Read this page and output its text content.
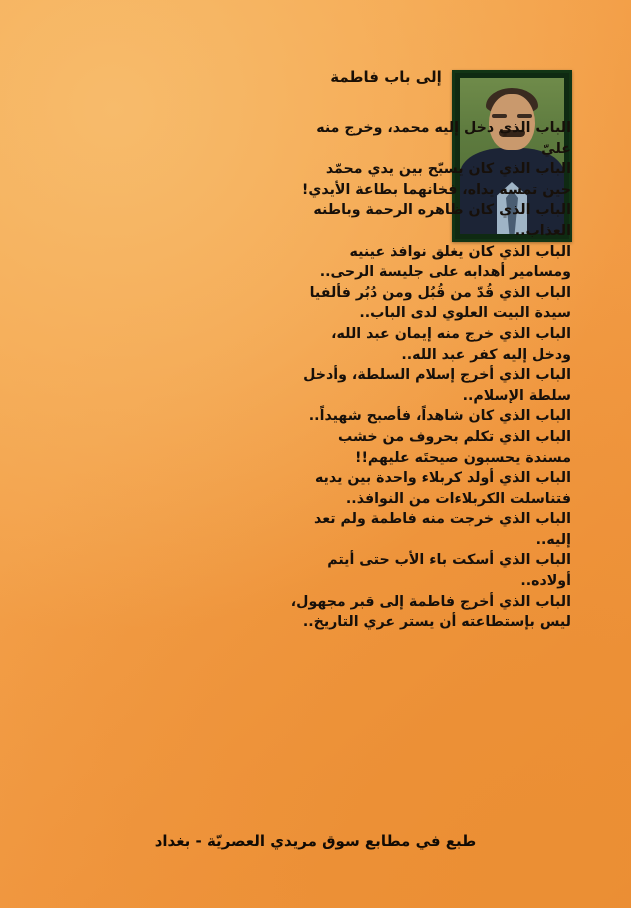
إلى باب فاطمة
الباب الذي دخل إليه محمد، وخرج منه
عليّ
الباب الذي كان يسبّح بين يدي محمّد
حين تمسه يداه، فخانهما بطاعة الأيدي!
الباب الذي كان ظاهره الرحمة وباطنه
العذاب..
الباب الذي كان يغلق نوافذ عينيه
ومسامير أهدابه على جليسة الرحى..
الباب الذي قُدّ من قُبُل ومن دُبُر فألفيا
سيدة البيت العلوي لدى الباب..
الباب الذي خرج منه إيمان عبد الله،
ودخل إليه كفر عبد الله..
الباب الذي أخرج إسلام السلطة، وأدخل
سلطة الإسلام..
الباب الذي كان شاهداً، فأصبح شهيداً..
الباب الذي تكلم بحروف من خشب
مسندة يحسبون صيحتَه عليهم!!
الباب الذي أولد كربلاء واحدة بين يديه
فتناسلت الكربلاءات من النوافذ..
الباب الذي خرجت منه فاطمة ولم تعد
إليه..
الباب الذي أسكت باء الأب حتى أيتم
أولاده..
الباب الذي أخرج فاطمة إلى قبر مجهول،
ليس بإستطاعته أن يستر عري التاريخ..
طبع في مطابع سوق مريدي العصريّة - بغداد
